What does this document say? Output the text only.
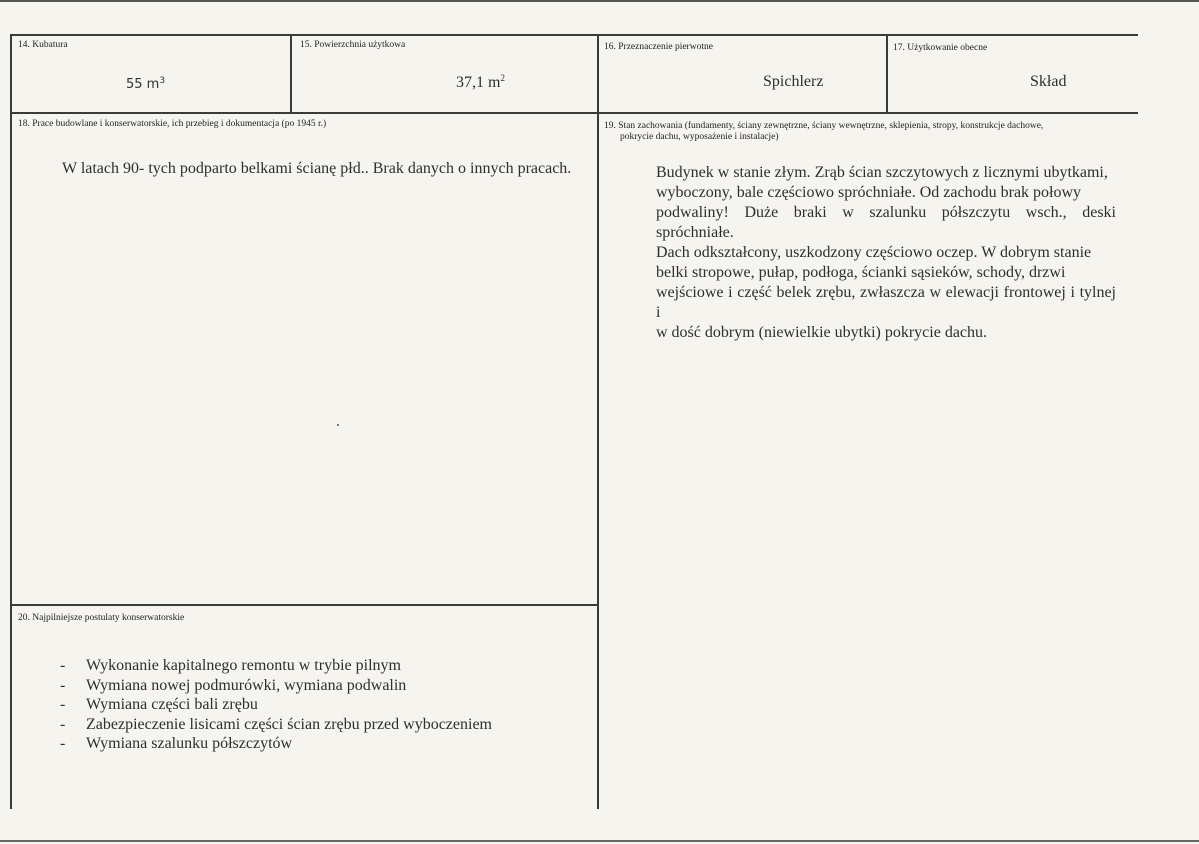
14. Kubatura
55 $m^3$
15. Powierzchnia użytkowa
37,1 $m^2$
16. Przeznaczenie pierwotne
Spichlerz
17. Użytkowanie obecne
Skład
18. Prace budowlane i konserwatorskie, ich przebieg i dokumentacja (po 1945 r.)
W latach 90- tych podparto belkami ścianę płd.. Brak danych o innych pracach.
19. Stan zachowania (fundamenty, ściany zewnętrzne, ściany wewnętrzne, sklepienia, stropy, konstrukcje dachowe,
pokrycie dachu, wyposażenie i instalacje)
Budynek w stanie złym. Zrąb ścian szczytowych z licznymi ubytkami,
wyboczony, bale częściowo spróchniałe. Od zachodu brak połowy
podwaliny! Duże braki w szalunku półszczytu wsch., deski spróchniałe.
Dach odkształcony, uszkodzony częściowo oczep. W dobrym stanie
belki stropowe, pułap, podłoga, ścianki sąsieków, schody, drzwi
wejściowe i część belek zrębu, zwłaszcza w elewacji frontowej i tylnej i
w dość dobrym (niewielkie ubytki) pokrycie dachu.
20. Najpilniejsze postulaty konserwatorskie
- Wykonanie kapitalnego remontu w trybie pilnym
- Wymiana nowej podmurówki, wymiana podwalin
- Wymiana części bali zrębu
- Zabezpieczenie lisicami części ścian zrębu przed wyboczeniem
- Wymiana szalunku półszczytów
